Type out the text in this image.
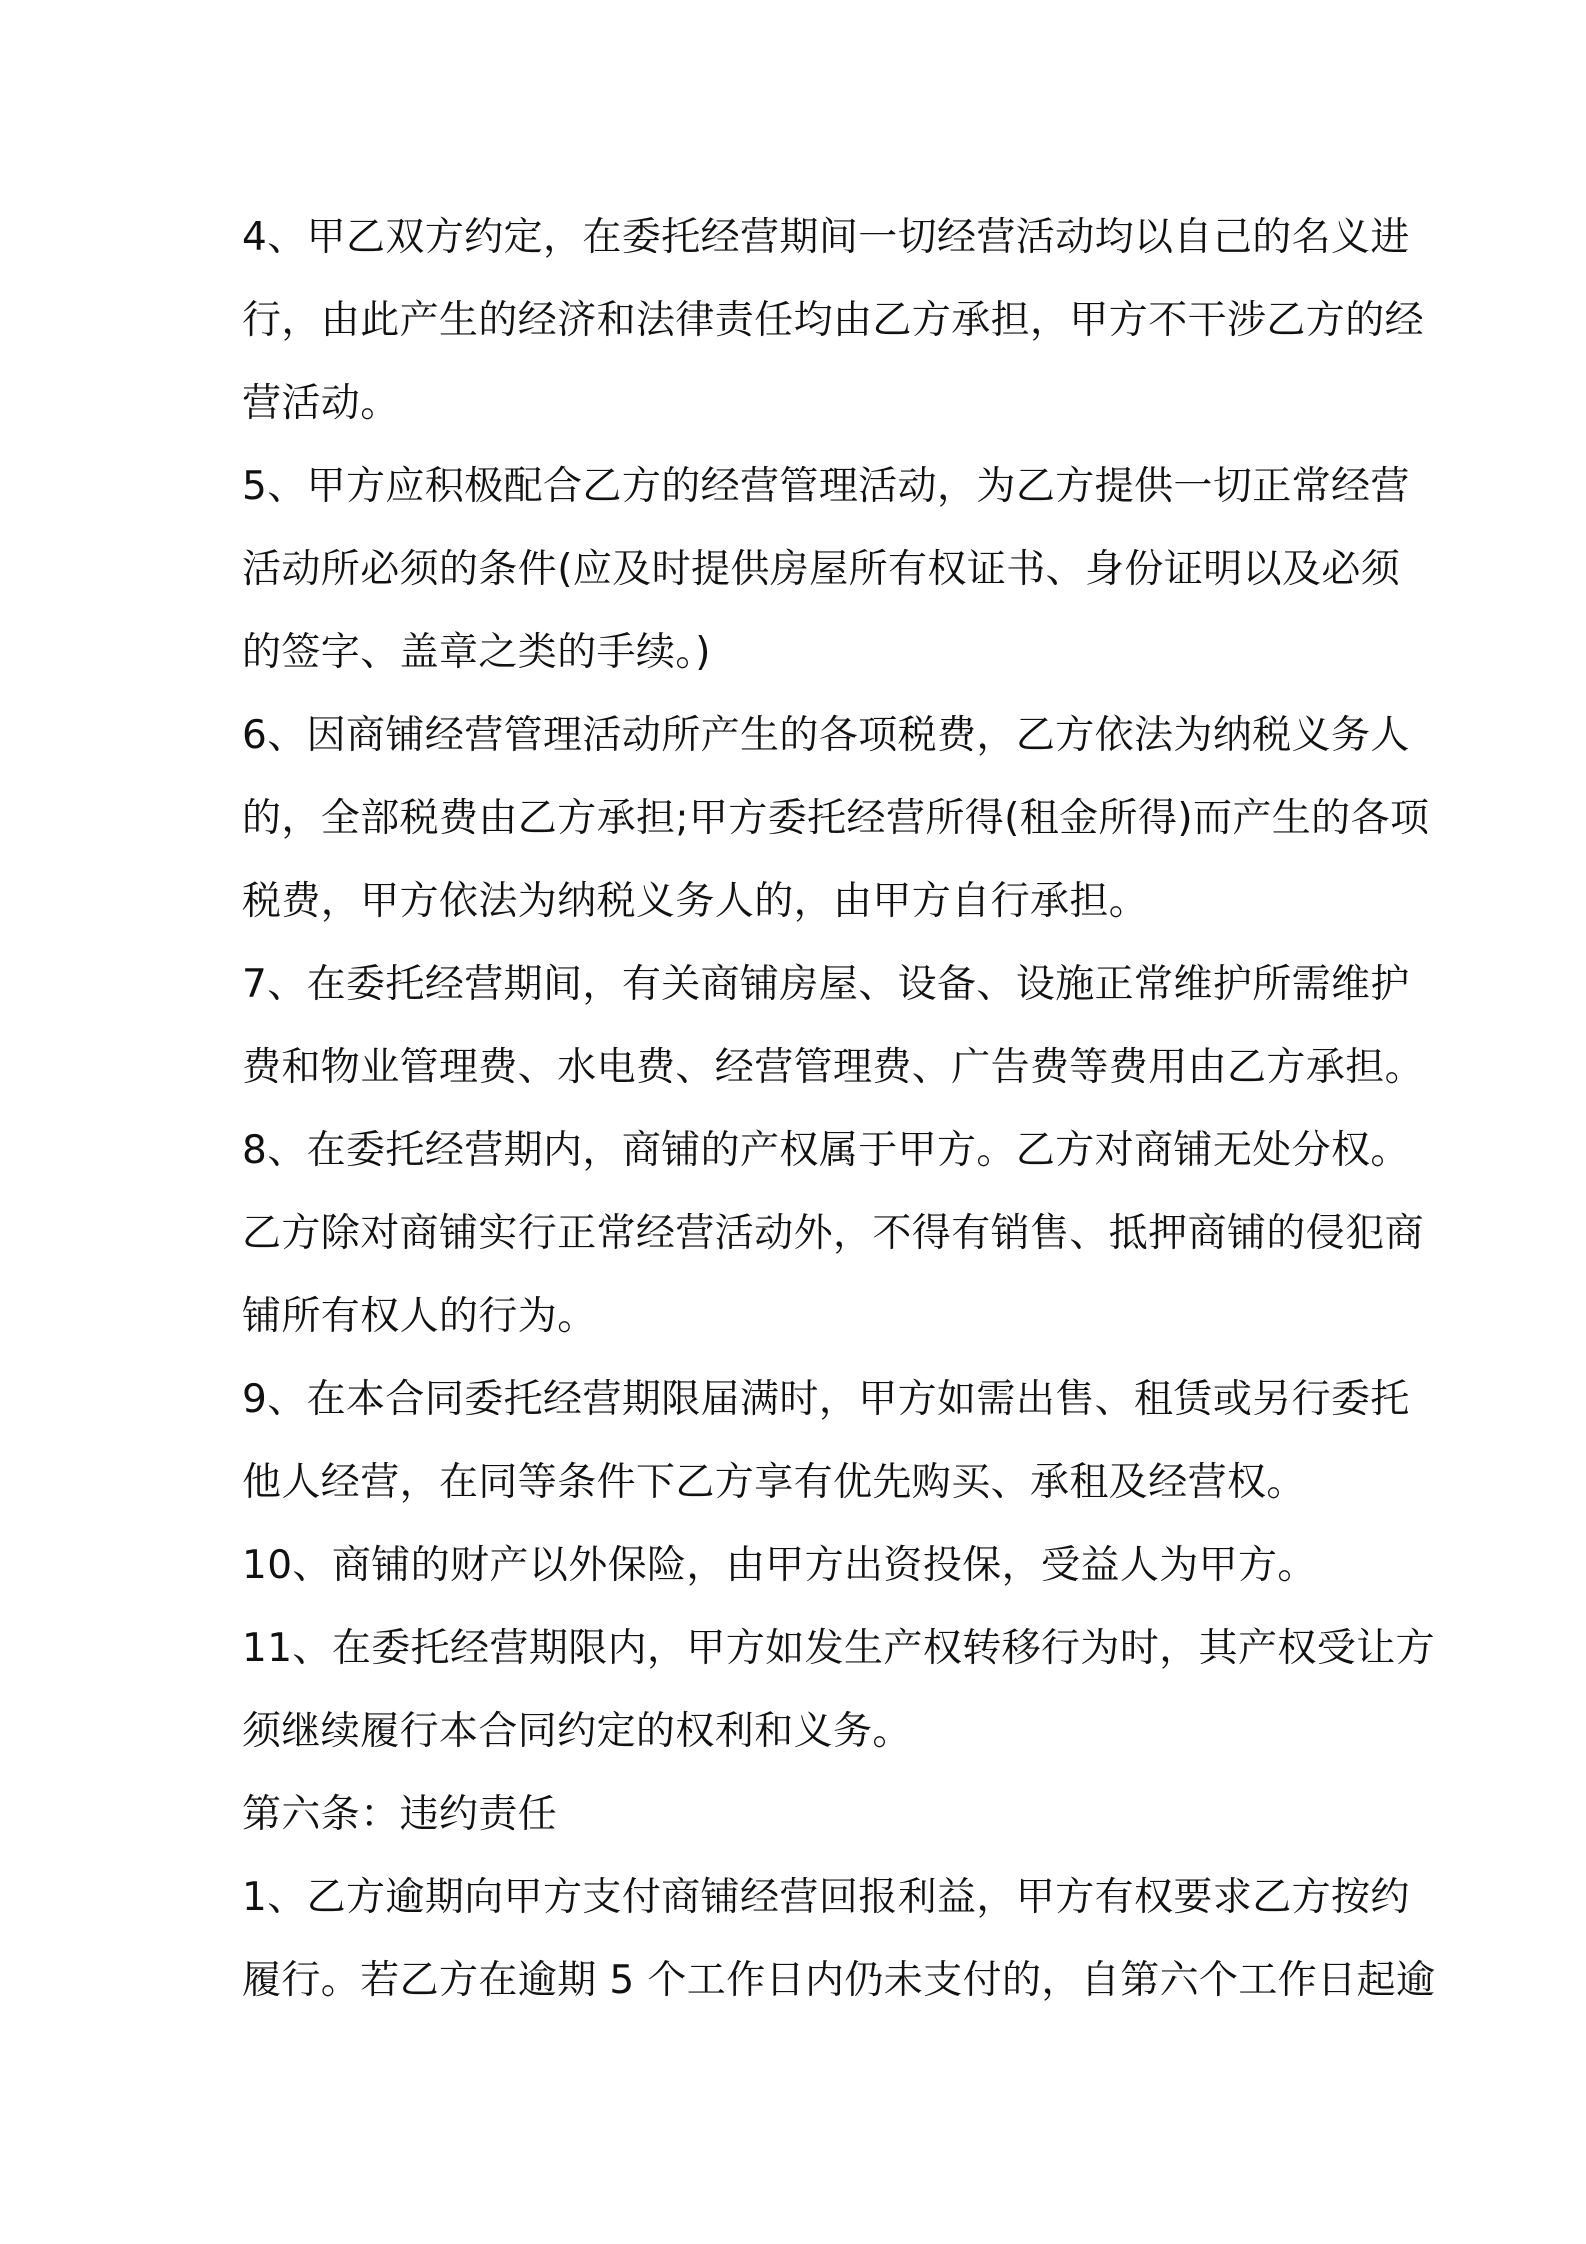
4、甲乙双方约定，在委托经营期间一切经营活动均以自己的名义进
行，由此产生的经济和法律责任均由乙方承担，甲方不干涉乙方的经
营活动。
5、甲方应积极配合乙方的经营管理活动，为乙方提供一切正常经营
活动所必须的条件(应及时提供房屋所有权证书、身份证明以及必须
的签字、盖章之类的手续。)
6、因商铺经营管理活动所产生的各项税费，乙方依法为纳税义务人
的，全部税费由乙方承担;甲方委托经营所得(租金所得)而产生的各项
税费，甲方依法为纳税义务人的，由甲方自行承担。
7、在委托经营期间，有关商铺房屋、设备、设施正常维护所需维护
费和物业管理费、水电费、经营管理费、广告费等费用由乙方承担。
8、在委托经营期内，商铺的产权属于甲方。乙方对商铺无处分权。
乙方除对商铺实行正常经营活动外，不得有销售、抵押商铺的侵犯商
铺所有权人的行为。
9、在本合同委托经营期限届满时，甲方如需出售、租赁或另行委托
他人经营，在同等条件下乙方享有优先购买、承租及经营权。
10、商铺的财产以外保险，由甲方出资投保，受益人为甲方。
11、在委托经营期限内，甲方如发生产权转移行为时，其产权受让方
须继续履行本合同约定的权利和义务。
第六条：违约责任
1、乙方逾期向甲方支付商铺经营回报利益，甲方有权要求乙方按约
履行。若乙方在逾期 5 个工作日内仍未支付的，自第六个工作日起逾
